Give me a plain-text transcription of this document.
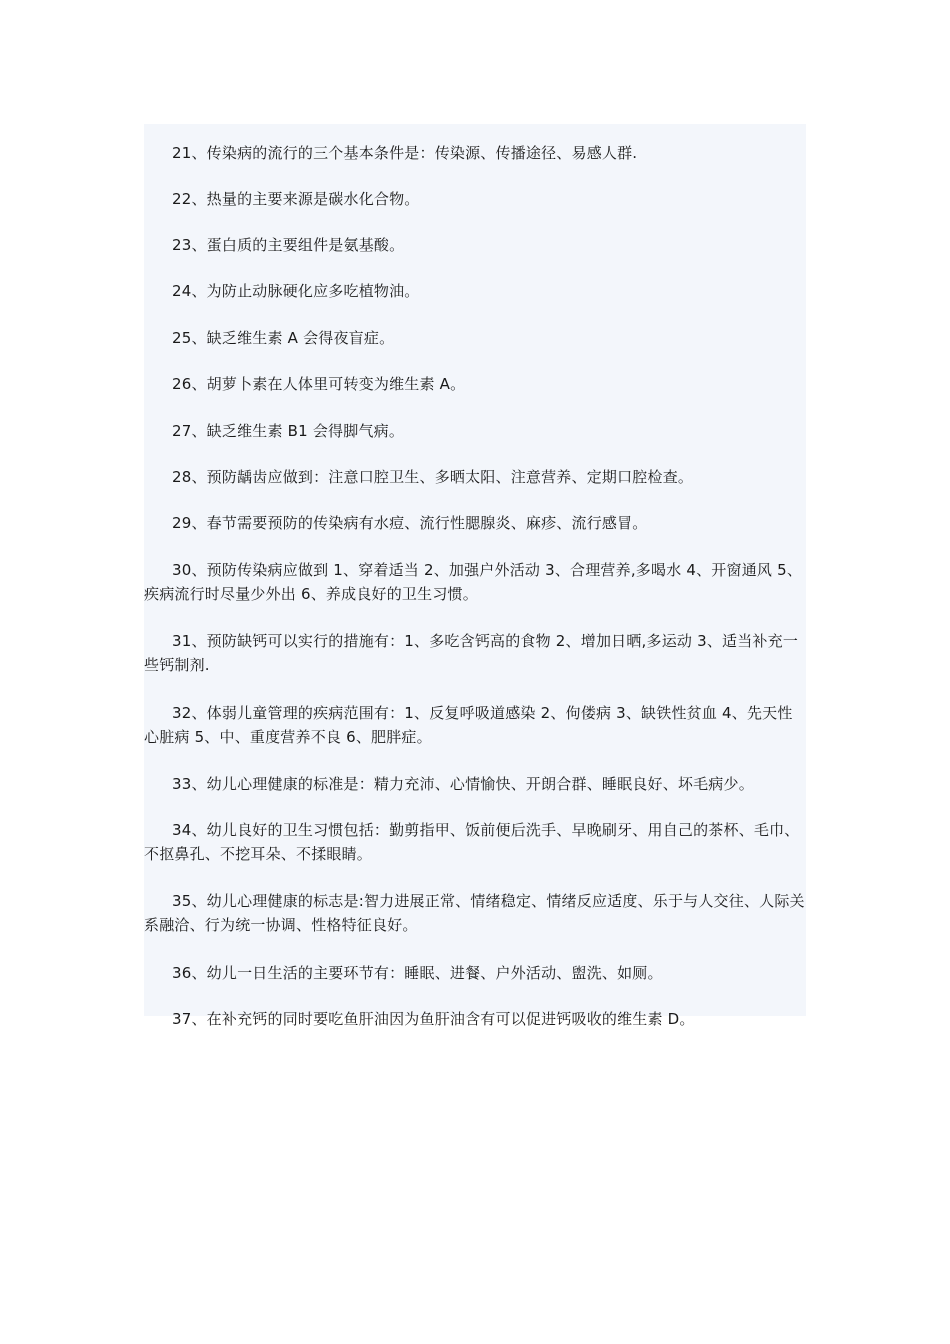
21、传染病的流行的三个基本条件是：传染源、传播途径、易感人群.

22、热量的主要来源是碳水化合物。

23、蛋白质的主要组件是氨基酸。

24、为防止动脉硬化应多吃植物油。

25、缺乏维生素 A 会得夜盲症。

26、胡萝卜素在人体里可转变为维生素 A。

27、缺乏维生素 B1 会得脚气病。

28、预防龋齿应做到：注意口腔卫生、多晒太阳、注意营养、定期口腔检查。

29、春节需要预防的传染病有水痘、流行性腮腺炎、麻疹、流行感冒。

30、预防传染病应做到 1、穿着适当 2、加强户外活动 3、合理营养,多喝水 4、开窗通风 5、疾病流行时尽量少外出 6、养成良好的卫生习惯。

31、预防缺钙可以实行的措施有：1、多吃含钙高的食物 2、增加日晒,多运动 3、适当补充一些钙制剂.

32、体弱儿童管理的疾病范围有：1、反复呼吸道感染 2、佝偻病 3、缺铁性贫血 4、先天性心脏病 5、中、重度营养不良 6、肥胖症。

33、幼儿心理健康的标准是：精力充沛、心情愉快、开朗合群、睡眠良好、坏毛病少。

34、幼儿良好的卫生习惯包括：勤剪指甲、饭前便后洗手、早晚刷牙、用自己的茶杯、毛巾、不抠鼻孔、不挖耳朵、不揉眼睛。

35、幼儿心理健康的标志是:智力进展正常、情绪稳定、情绪反应适度、乐于与人交往、人际关系融洽、行为统一协调、性格特征良好。

36、幼儿一日生活的主要环节有：睡眠、进餐、户外活动、盥洗、如厕。

37、在补充钙的同时要吃鱼肝油因为鱼肝油含有可以促进钙吸收的维生素 D。
